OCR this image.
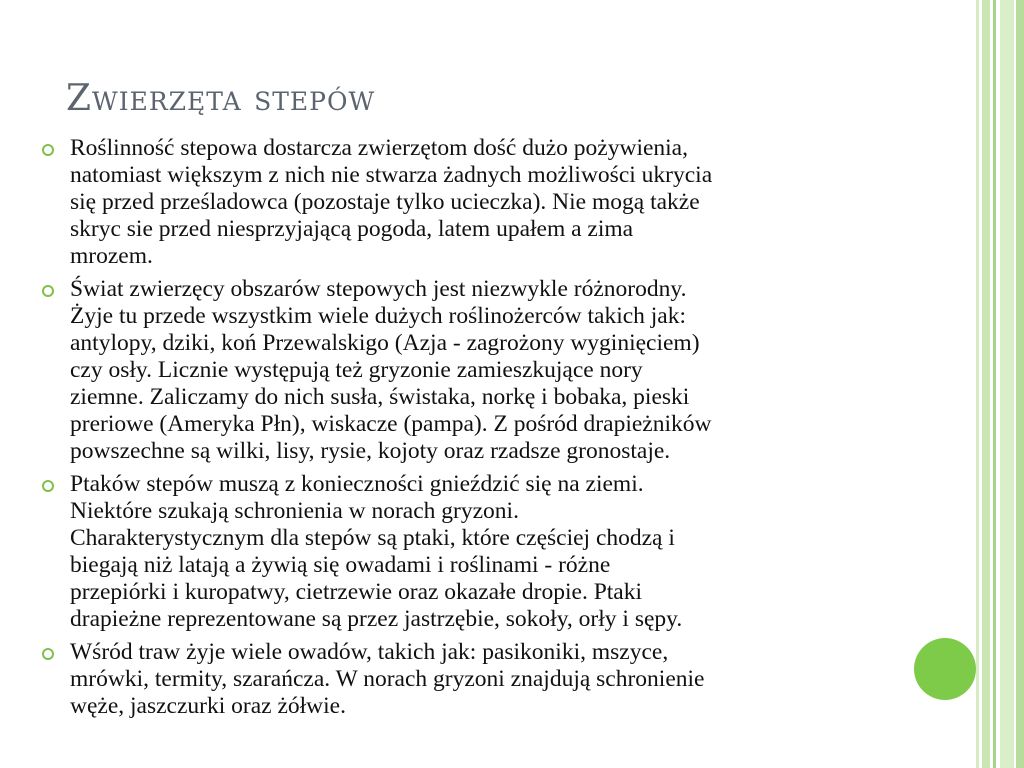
Zwierzęta stepów
Roślinność stepowa dostarcza zwierzętom dość dużo pożywienia,
natomiast większym z nich nie stwarza żadnych możliwości ukrycia
się przed prześladowca (pozostaje tylko ucieczka). Nie mogą także
skryc sie przed niesprzyjającą pogoda, latem upałem a zima
mrozem.
Świat zwierzęcy obszarów stepowych jest niezwykle różnorodny.
Żyje tu przede wszystkim wiele dużych roślinożerców takich jak:
antylopy, dziki, koń Przewalskigo (Azja - zagrożony wyginięciem)
czy osły. Licznie występują też gryzonie zamieszkujące nory
ziemne. Zaliczamy do nich susła, świstaka, norkę i bobaka, pieski
preriowe (Ameryka Płn), wiskacze (pampa). Z pośród drapieżników
powszechne są wilki, lisy, rysie, kojoty oraz rzadsze gronostaje.
Ptaków stepów muszą z konieczności gnieździć się na ziemi.
Niektóre szukają schronienia w norach gryzoni.
Charakterystycznym dla stepów są ptaki, które częściej chodzą i
biegają niż latają a żywią się owadami i roślinami - różne
przepiórki i kuropatwy, cietrzewie oraz okazałe dropie. Ptaki
drapieżne reprezentowane są przez jastrzębie, sokoły, orły i sępy.
Wśród traw żyje wiele owadów, takich jak: pasikoniki, mszyce,
mrówki, termity, szarańcza. W norach gryzoni znajdują schronienie
węże, jaszczurki oraz żółwie.
